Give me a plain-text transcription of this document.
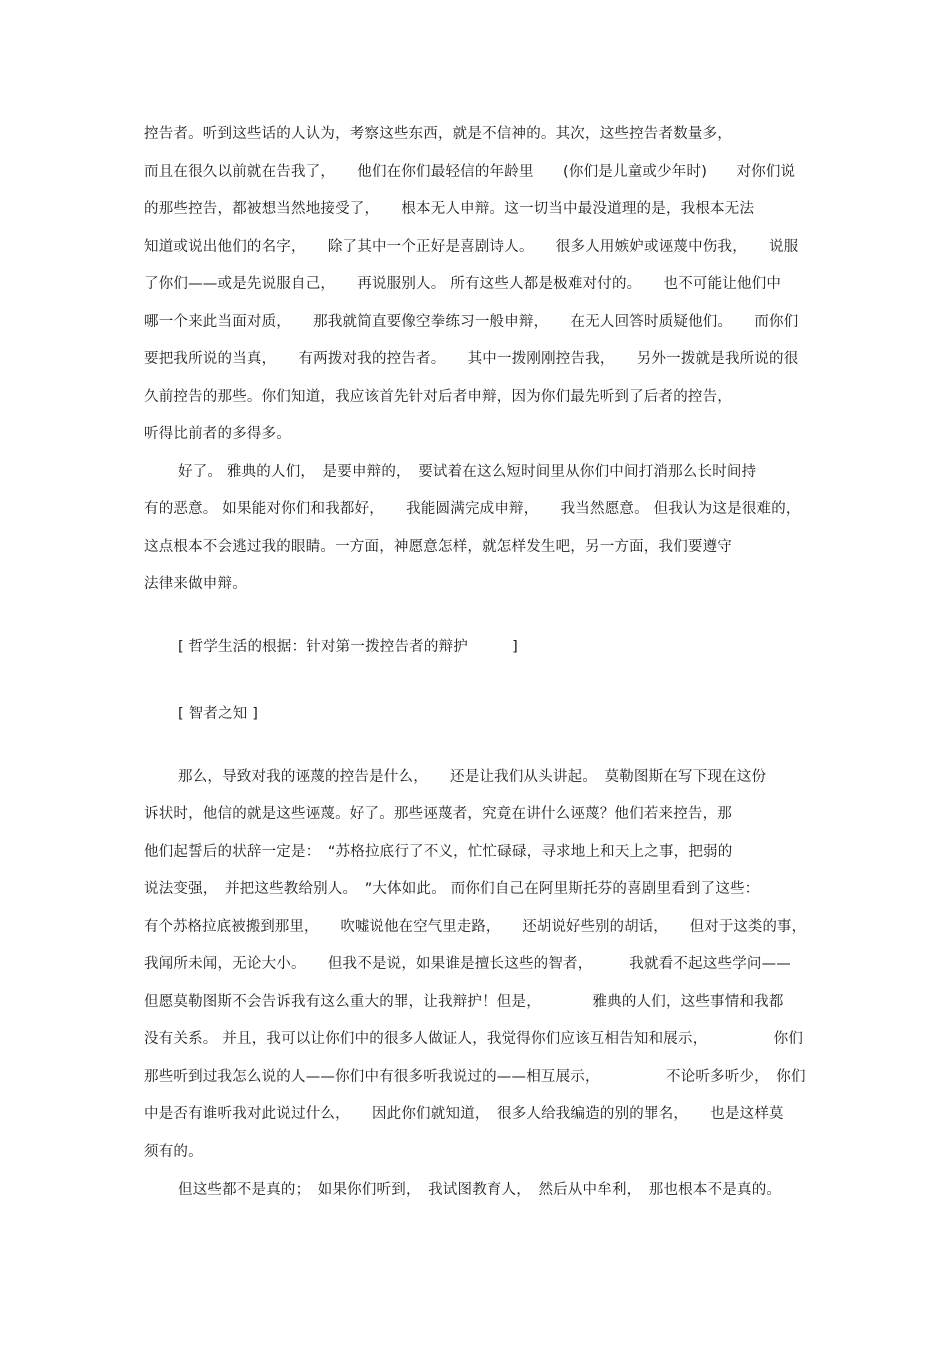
控告者。听到这些话的人认为，考察这些东西，就是不信神的。其次，这些控告者数量多，
而且在很久以前就在告我了，　　他们在你们最轻信的年龄里　　(你们是儿童或少年时)　　对你们说
的那些控告，都被想当然地接受了，　　根本无人申辩。这一切当中最没道理的是，我根本无法
知道或说出他们的名字，　　除了其中一个正好是喜剧诗人。　　很多人用嫉妒或诬蔑中伤我，　　说服
了你们——或是先说服自己，　　再说服别人。 所有这些人都是极难对付的。　　也不可能让他们中
哪一个来此当面对质，　　那我就简直要像空拳练习一般申辩，　　在无人回答时质疑他们。　　而你们
要把我所说的当真，　　有两拨对我的控告者。　　其中一拨刚刚控告我，　　另外一拨就是我所说的很
久前控告的那些。你们知道，我应该首先针对后者申辩，因为你们最先听到了后者的控告，
听得比前者的多得多。
好了。 雅典的人们，　是要申辩的，　要试着在这么短时间里从你们中间打消那么长时间持
有的恶意。 如果能对你们和我都好，　　我能圆满完成申辩，　　我当然愿意。 但我认为这是很难的，
这点根本不会逃过我的眼睛。一方面，神愿意怎样，就怎样发生吧，另一方面，我们要遵守
法律来做申辩。
[ 哲学生活的根据：针对第一拨控告者的辩护　　　]
[ 智者之知 ]
那么，导致对我的诬蔑的控告是什么，　　还是让我们从头讲起。　莫勒图斯在写下现在这份
诉状时，他信的就是这些诬蔑。好了。那些诬蔑者，究竟在讲什么诬蔑？他们若来控告，那
他们起誓后的状辞一定是：　“苏格拉底行了不义，忙忙碌碌，寻求地上和天上之事，把弱的
说法变强，　并把这些教给别人。　”大体如此。 而你们自己在阿里斯托芬的喜剧里看到了这些：
有个苏格拉底被搬到那里，　　吹嘘说他在空气里走路，　　还胡说好些别的胡话，　　但对于这类的事，
我闻所未闻，无论大小。　　但我不是说，如果谁是擅长这些的智者，　　　我就看不起这些学问——
但愿莫勒图斯不会告诉我有这么重大的罪，让我辩护！但是，　　　　雅典的人们，这些事情和我都
没有关系。 并且，我可以让你们中的很多人做证人，我觉得你们应该互相告知和展示，　　　　　你们
那些听到过我怎么说的人——你们中有很多听我说过的——相互展示，　　　　　不论听多听少，　你们
中是否有谁听我对此说过什么，　　因此你们就知道，　很多人给我编造的别的罪名，　　也是这样莫
须有的。
但这些都不是真的；　如果你们听到，　我试图教育人，　然后从中牟利，　那也根本不是真的。
